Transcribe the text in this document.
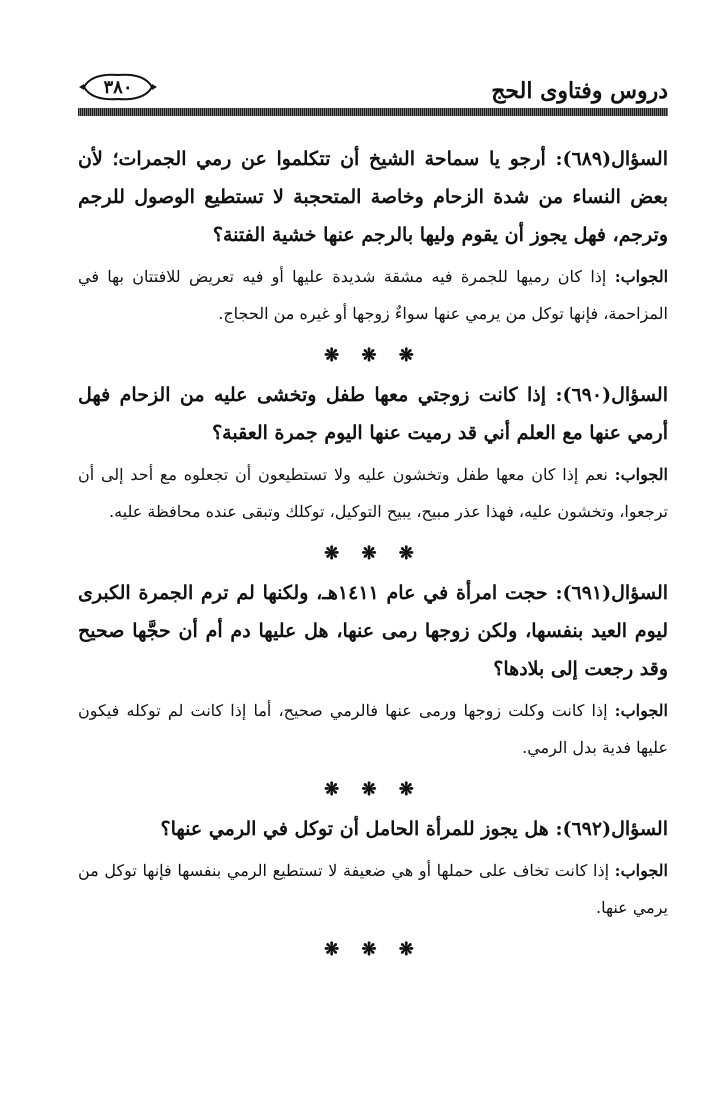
دروس وفتاوى الحج
٣٨٠

السؤال(٦٨٩): أرجو يا سماحة الشيخ أن تتكلموا عن رمي الجمرات؛ لأن بعض النساء من شدة الزحام وخاصة المتحجبة لا تستطيع الوصول للرجم وترجم، فهل يجوز أن يقوم وليها بالرجم عنها خشية الفتنة؟

الجواب: إذا كان رميها للجمرة فيه مشقة شديدة عليها أو فيه تعريض للافتتان بها في المزاحمة، فإنها توكل من يرمي عنها سواءٌ زوجها أو غيره من الحجاج.

❋ ❋ ❋

السؤال(٦٩٠): إذا كانت زوجتي معها طفل وتخشى عليه من الزحام فهل أرمي عنها مع العلم أني قد رميت عنها اليوم جمرة العقبة؟

الجواب: نعم إذا كان معها طفل وتخشون عليه ولا تستطيعون أن تجعلوه مع أحد إلى أن ترجعوا، وتخشون عليه، فهذا عذر مبيح، يبيح التوكيل، توكلك وتبقى عنده محافظة عليه.

❋ ❋ ❋

السؤال(٦٩١): حجت امرأة في عام ١٤١١هـ، ولكنها لم ترم الجمرة الكبرى ليوم العيد بنفسها، ولكن زوجها رمى عنها، هل عليها دم أم أن حجَّها صحيح وقد رجعت إلى بلادها؟

الجواب: إذا كانت وكلت زوجها ورمى عنها فالرمي صحيح، أما إذا كانت لم توكله فيكون عليها فدية بدل الرمي.

❋ ❋ ❋

السؤال(٦٩٢): هل يجوز للمرأة الحامل أن توكل في الرمي عنها؟

الجواب: إذا كانت تخاف على حملها أو هي ضعيفة لا تستطيع الرمي بنفسها فإنها توكل من يرمي عنها.

❋ ❋ ❋
